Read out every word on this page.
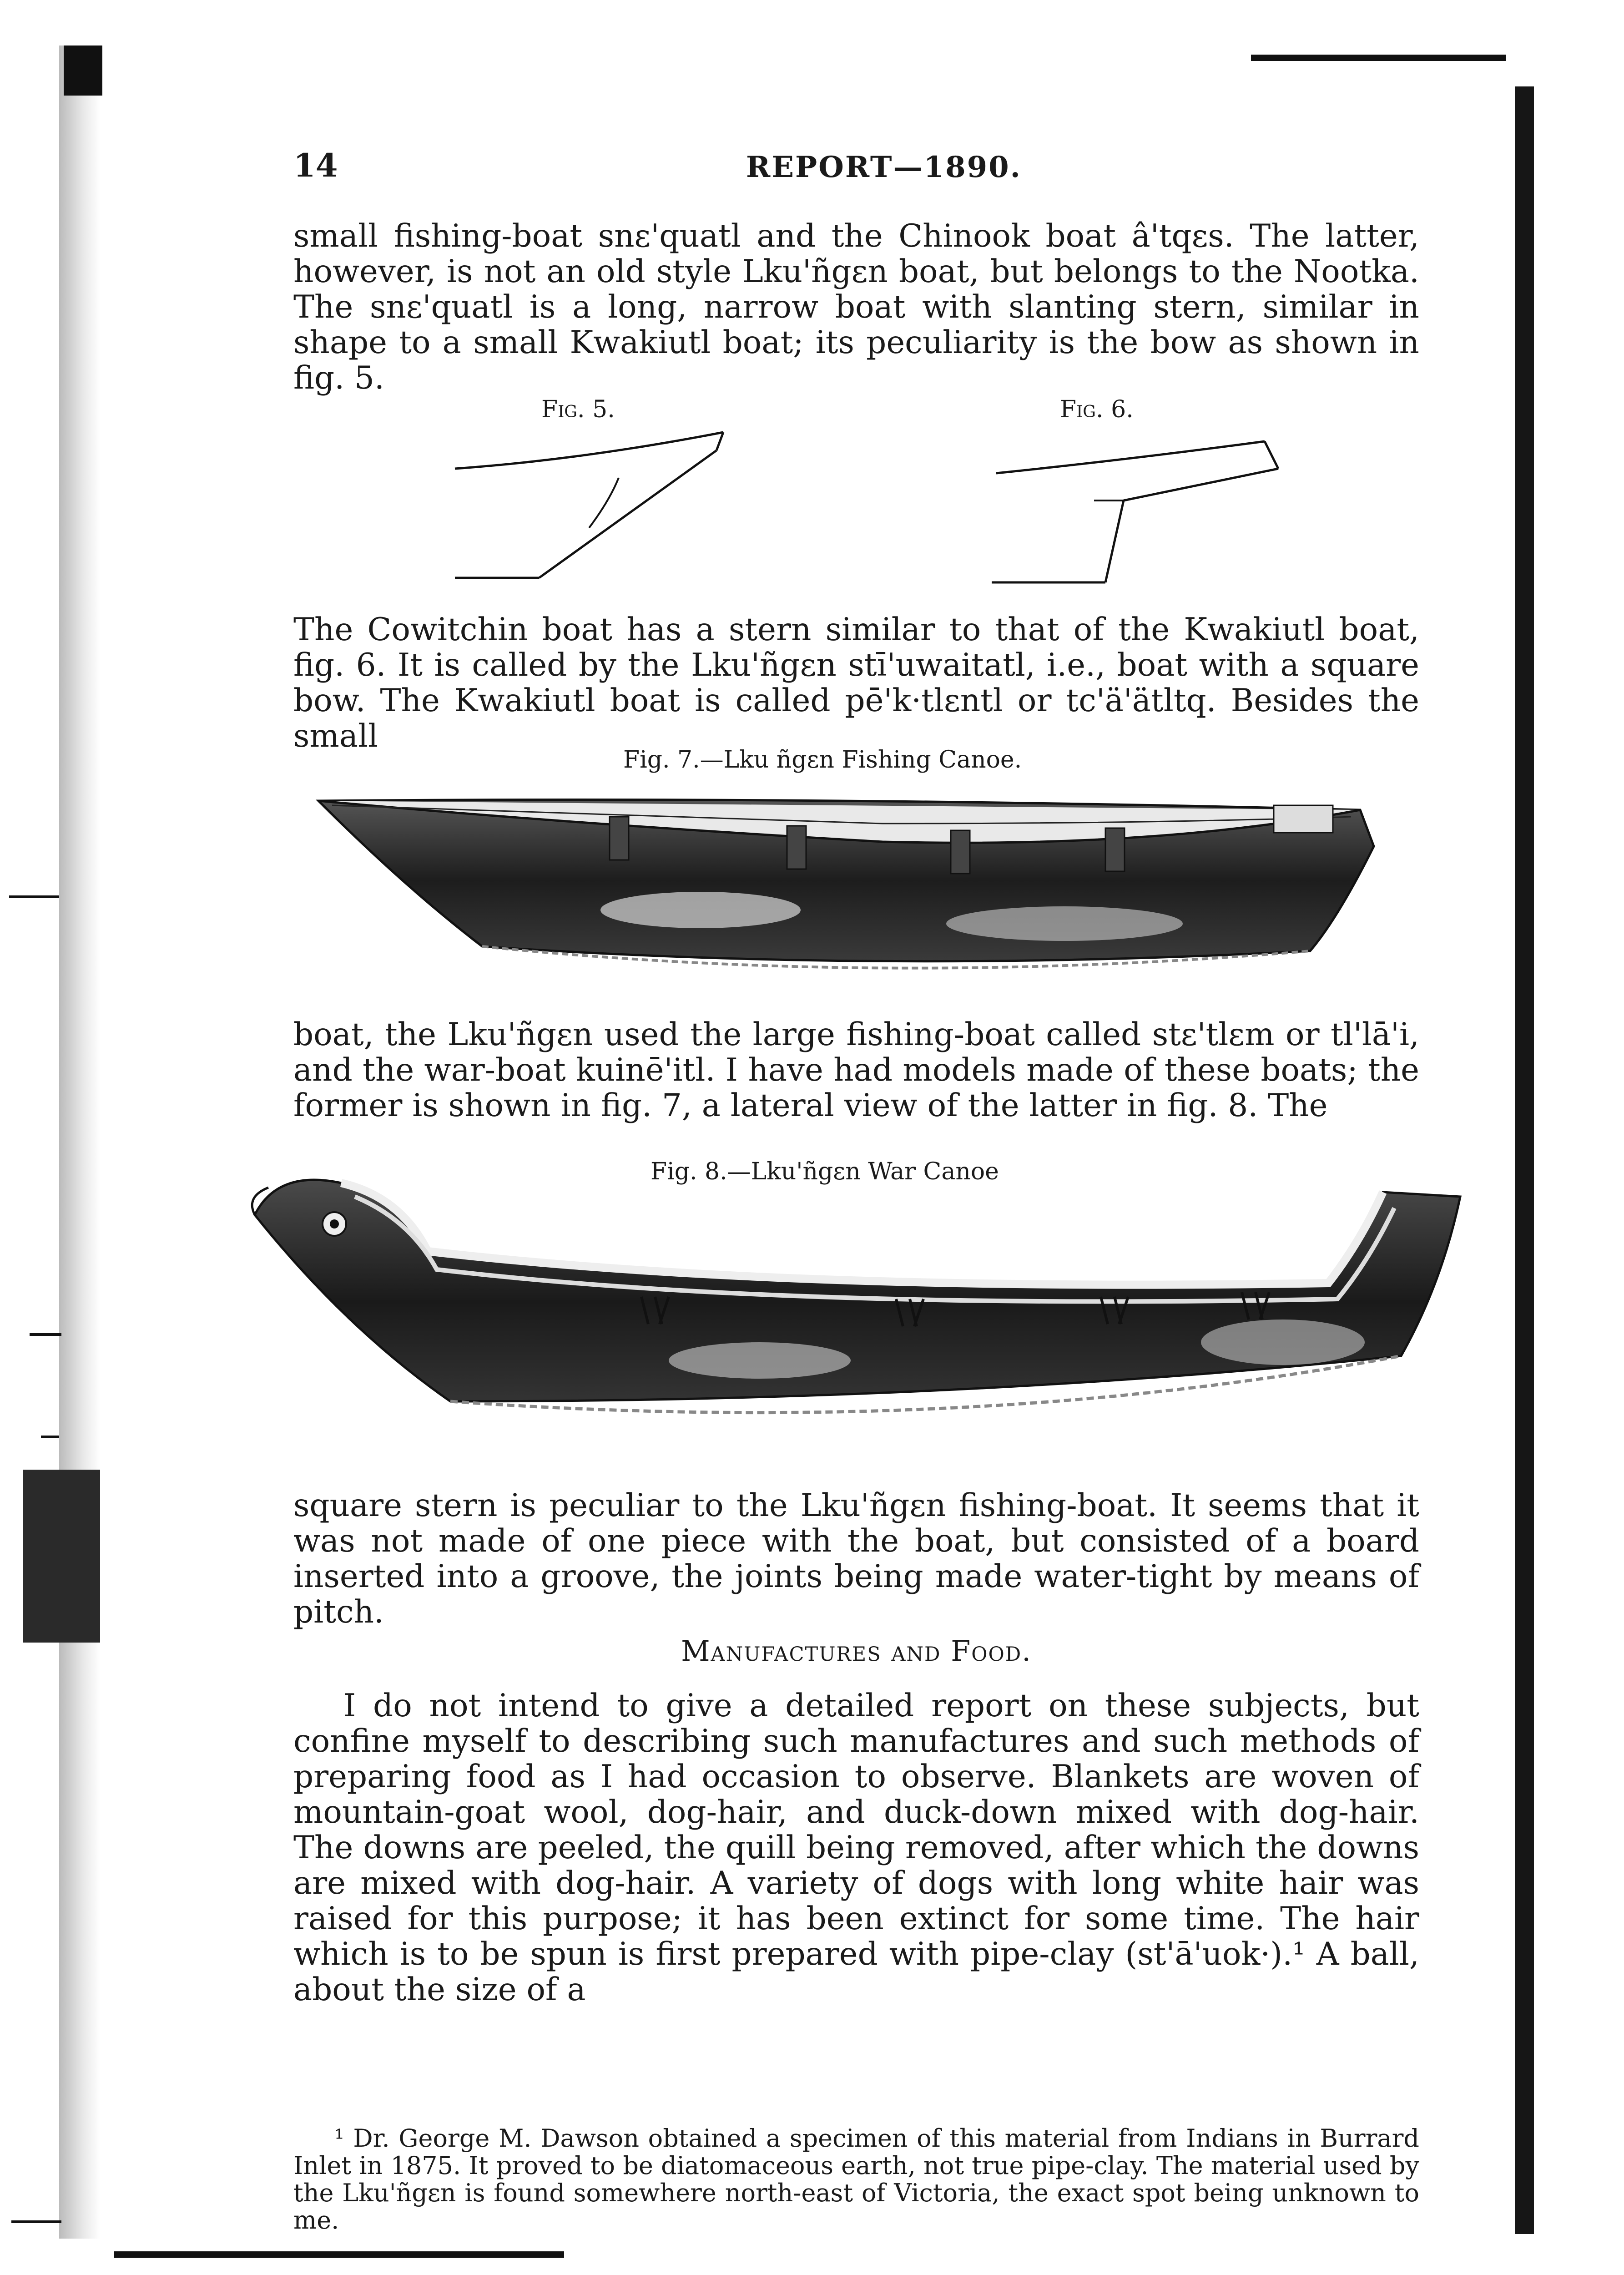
14	REPORT—1890.

small fishing-boat snɛ'quatl and the Chinook boat â'tqɛs. The latter, however, is not an old style Lku'ñgɛn boat, but belongs to the Nootka. The snɛ'quatl is a long, narrow boat with slanting stern, similar in shape to a small Kwakiutl boat; its peculiarity is the bow as shown in fig. 5.

Fig. 5.	Fig. 6.

The Cowitchin boat has a stern similar to that of the Kwakiutl boat, fig. 6. It is called by the Lku'ñgɛn stī'uwaitatl, i.e., boat with a square bow. The Kwakiutl boat is called pē'k·tlɛntl or tc'ä'ätltq. Besides the small

Fig. 7.—Lku ñgɛn Fishing Canoe.

boat, the Lku'ñgɛn used the large fishing-boat called stɛ'tlɛm or tl'lā'i, and the war-boat kuinē'itl. I have had models made of these boats; the former is shown in fig. 7, a lateral view of the latter in fig. 8. The

Fig. 8.—Lku'ñgɛn War Canoe

square stern is peculiar to the Lku'ñgɛn fishing-boat. It seems that it was not made of one piece with the boat, but consisted of a board inserted into a groove, the joints being made water-tight by means of pitch.

Manufactures and Food.

I do not intend to give a detailed report on these subjects, but confine myself to describing such manufactures and such methods of preparing food as I had occasion to observe. Blankets are woven of mountain-goat wool, dog-hair, and duck-down mixed with dog-hair. The downs are peeled, the quill being removed, after which the downs are mixed with dog-hair. A variety of dogs with long white hair was raised for this purpose; it has been extinct for some time. The hair which is to be spun is first prepared with pipe-clay (st'ā'uok·).¹ A ball, about the size of a

¹ Dr. George M. Dawson obtained a specimen of this material from Indians in Burrard Inlet in 1875. It proved to be diatomaceous earth, not true pipe-clay. The material used by the Lku'ñgɛn is found somewhere north-east of Victoria, the exact spot being unknown to me.
